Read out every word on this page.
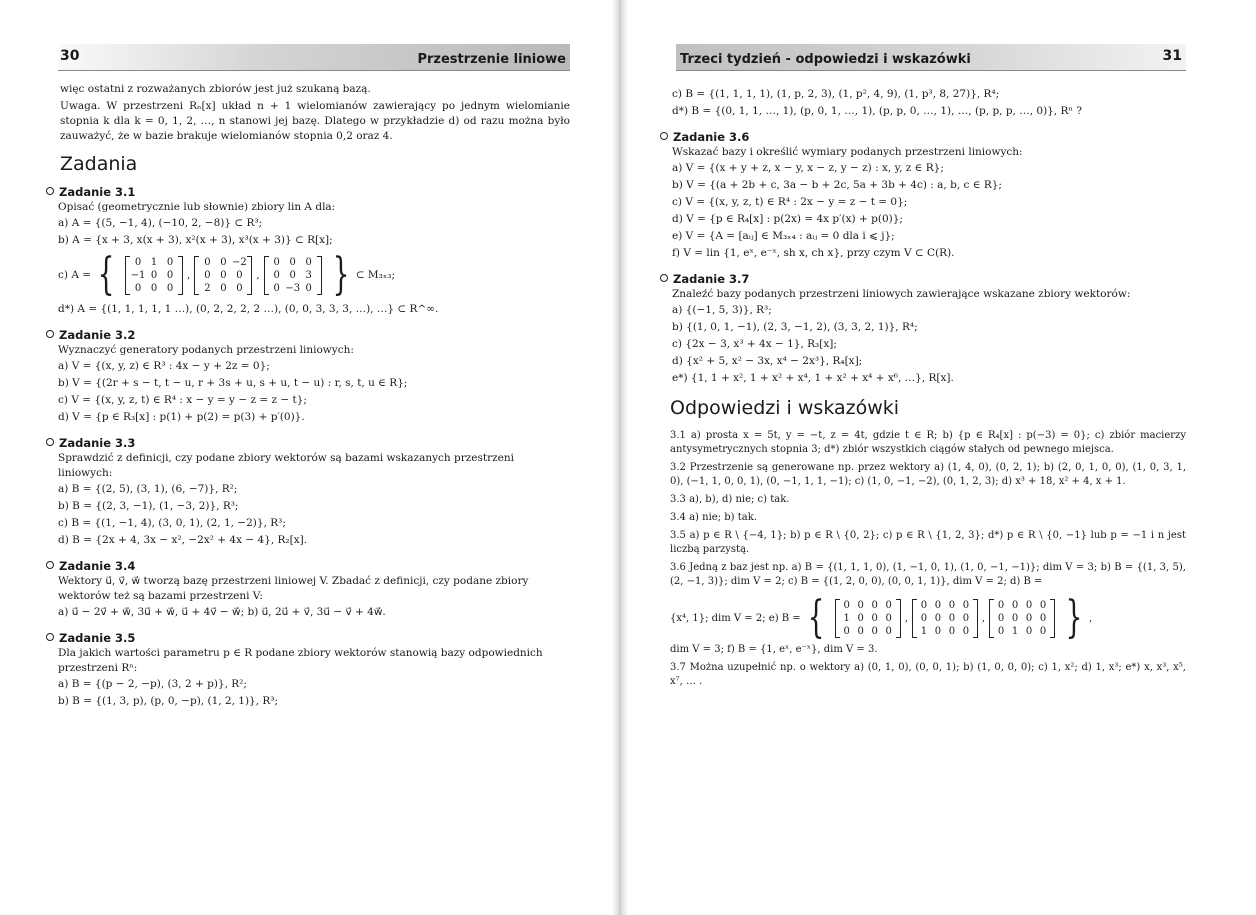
30	Przestrzenie liniowe

więc ostatni z rozważanych zbiorów jest już szukaną bazą.

Uwaga. W przestrzeni Rₙ[x] układ n + 1 wielomianów zawierający po jednym wielomianie stopnia k dla k = 0, 1, 2, …, n stanowi jej bazę. Dlatego w przykładzie d) od razu można było zauważyć, że w bazie brakuje wielomianów stopnia 0,2 oraz 4.

Zadania
Zadanie 3.1

Opisać (geometrycznie lub słownie) zbiory lin A dla:

a) A = {(5, −1, 4), (−10, 2, −8)} ⊂ R³;
b) A = {x + 3, x(x + 3), x²(x + 3), x³(x + 3)} ⊂ R[x];
c) A = {	0 1 0
−1 0 0
0 0 0
,
0 0 −2
0 0 0
2 0 0
,
0 0 0
0 0 3
0 −3 0 } ⊂ M₃ₓ₃;
d*) A = {(1, 1, 1, 1, 1 …), (0, 2, 2, 2, 2 …), (0, 0, 3, 3, 3, …), …} ⊂ R^∞.
Zadanie 3.2

Wyznaczyć generatory podanych przestrzeni liniowych:

a) V = {(x, y, z) ∈ R³ : 4x − y + 2z = 0};
b) V = {(2r + s − t, t − u, r + 3s + u, s + u, t − u) : r, s, t, u ∈ R};
c) V = {(x, y, z, t) ∈ R⁴ : x − y = y − z = z − t};
d) V = {p ∈ R₃[x] : p(1) + p(2) = p(3) + p′(0)}.
Zadanie 3.3

Sprawdzić z definicji, czy podane zbiory wektorów są bazami wskazanych przestrzeni liniowych:

a) B = {(2, 5), (3, 1), (6, −7)}, R²;
b) B = {(2, 3, −1), (1, −3, 2)}, R³;
c) B = {(1, −1, 4), (3, 0, 1), (2, 1, −2)}, R³;
d) B = {2x + 4, 3x − x², −2x² + 4x − 4}, R₂[x].
Zadanie 3.4

Wektory u⃗, v⃗, w⃗ tworzą bazę przestrzeni liniowej V. Zbadać z definicji, czy podane zbiory wektorów też są bazami przestrzeni V:

a) u⃗ − 2v⃗ + w⃗, 3u⃗ + w⃗, u⃗ + 4v⃗ − w⃗; b) u⃗, 2u⃗ + v⃗, 3u⃗ − v⃗ + 4w⃗.
Zadanie 3.5

Dla jakich wartości parametru p ∈ R podane zbiory wektorów stanowią bazy odpowiednich przestrzeni Rⁿ:

a) B = {(p − 2, −p), (3, 2 + p)}, R²;
b) B = {(1, 3, p), (p, 0, −p), (1, 2, 1)}, R³;
Trzeci tydzień - odpowiedzi i wskazówki	31
c) B = {(1, 1, 1, 1), (1, p, 2, 3), (1, p², 4, 9), (1, p³, 8, 27)}, R⁴;
d*) B = {(0, 1, 1, …, 1), (p, 0, 1, …, 1), (p, p, 0, …, 1), …, (p, p, p, …, 0)}, Rⁿ ?
Zadanie 3.6

Wskazać bazy i określić wymiary podanych przestrzeni liniowych:

a) V = {(x + y + z, x − y, x − z, y − z) : x, y, z ∈ R};
b) V = {(a + 2b + c, 3a − b + 2c, 5a + 3b + 4c) : a, b, c ∈ R};
c) V = {(x, y, z, t) ∈ R⁴ : 2x − y = z − t = 0};
d) V = {p ∈ R₄[x] : p(2x) = 4x p′(x) + p(0)};
e) V = {A = [aᵢⱼ] ∈ M₃ₓ₄ : aᵢⱼ = 0 dla i ⩽ j};
f) V = lin {1, eˣ, e⁻ˣ, sh x, ch x}, przy czym V ⊂ C(R).
Zadanie 3.7

Znaleźć bazy podanych przestrzeni liniowych zawierające wskazane zbiory wektorów:

a) {(−1, 5, 3)}, R³;
b) {(1, 0, 1, −1), (2, 3, −1, 2), (3, 3, 2, 1)}, R⁴;
c) {2x − 3, x³ + 4x − 1}, R₃[x];
d) {x² + 5, x² − 3x, x⁴ − 2x³}, R₄[x];
e*) {1, 1 + x², 1 + x² + x⁴, 1 + x² + x⁴ + x⁶, …}, R[x].
Odpowiedzi i wskazówki

3.1 a) prosta x = 5t, y = −t, z = 4t, gdzie t ∈ R; b) {p ∈ R₄[x] : p(−3) = 0}; c) zbiór macierzy antysymetrycznych stopnia 3; d*) zbiór wszystkich ciągów stałych od pewnego miejsca.

3.2 Przestrzenie są generowane np. przez wektory a) (1, 4, 0), (0, 2, 1); b) (2, 0, 1, 0, 0), (1, 0, 3, 1, 0), (−1, 1, 0, 0, 1), (0, −1, 1, 1, −1); c) (1, 0, −1, −2), (0, 1, 2, 3); d) x³ + 18, x² + 4, x + 1.

3.3 a), b), d) nie; c) tak.

3.4 a) nie; b) tak.

3.5 a) p ∈ R \ {−4, 1}; b) p ∈ R \ {0, 2}; c) p ∈ R \ {1, 2, 3}; d*) p ∈ R \ {0, −1} lub p = −1 i n jest liczbą parzystą.

3.6 Jedną z baz jest np. a) B = {(1, 1, 1, 0), (1, −1, 0, 1), (1, 0, −1, −1)}; dim V = 3; b) B = {(1, 3, 5), (2, −1, 3)}; dim V = 2; c) B = {(1, 2, 0, 0), (0, 0, 1, 1)}, dim V = 2; d) B =

{x⁴, 1}; dim V = 2; e) B = {	0 0 0 0
1 0 0 0
0 0 0 0
,
0 0 0 0
0 0 0 0
1 0 0 0
,
0 0 0 0
0 0 0 0
0 1 0 0 } ,

dim V = 3; f) B = {1, eˣ, e⁻ˣ}, dim V = 3.

3.7 Można uzupełnić np. o wektory a) (0, 1, 0), (0, 0, 1); b) (1, 0, 0, 0); c) 1, x²; d) 1, x³; e*) x, x³, x⁵, x⁷, … .
